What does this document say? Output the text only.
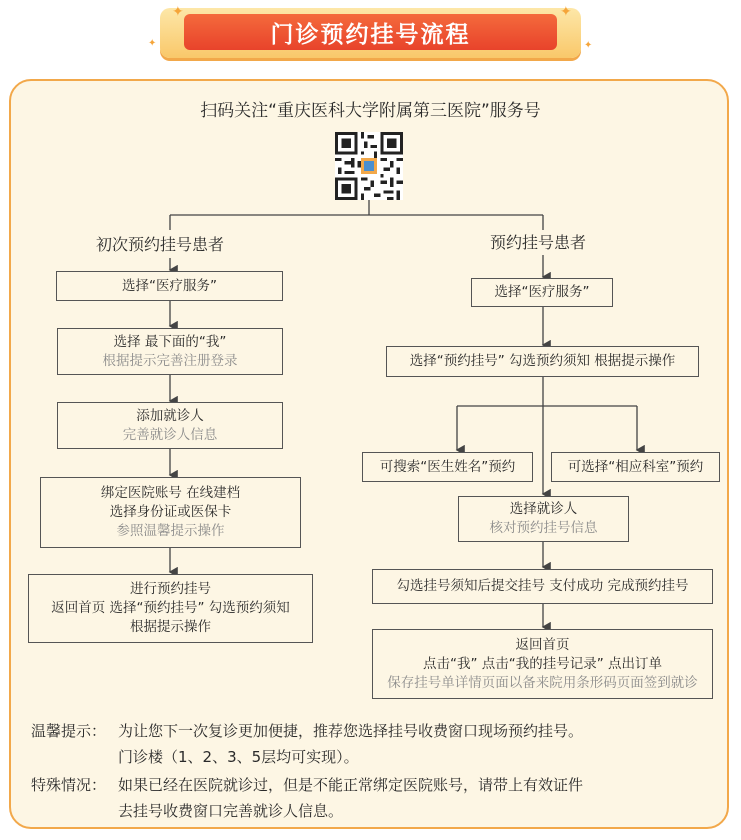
门诊预约挂号流程
✦	✦
✦	✦
扫码关注“重庆医科大学附属第三医院”服务号
初次预约挂号患者	预约挂号患者
选择“医疗服务”
选择 最下面的“我”
根据提示完善注册登录
添加就诊人
完善就诊人信息
绑定医院账号 在线建档
选择身份证或医保卡
参照温馨提示操作
进行预约挂号
返回首页 选择“预约挂号” 勾选预约须知
根据提示操作
选择“医疗服务”
选择“预约挂号” 勾选预约须知 根据提示操作
可搜索“医生姓名”预约	可选择“相应科室”预约
选择就诊人
核对预约挂号信息
勾选挂号须知后提交挂号 支付成功 完成预约挂号
返回首页
点击“我” 点击“我的挂号记录” 点出订单
保存挂号单详情页面以备来院用条形码页面签到就诊
温馨提示： 为让您下一次复诊更加便捷，推荐您选择挂号收费窗口现场预约挂号。
门诊楼（1、2、3、5层均可实现）。
特殊情况： 如果已经在医院就诊过，但是不能正常绑定医院账号，请带上有效证件
去挂号收费窗口完善就诊人信息。
